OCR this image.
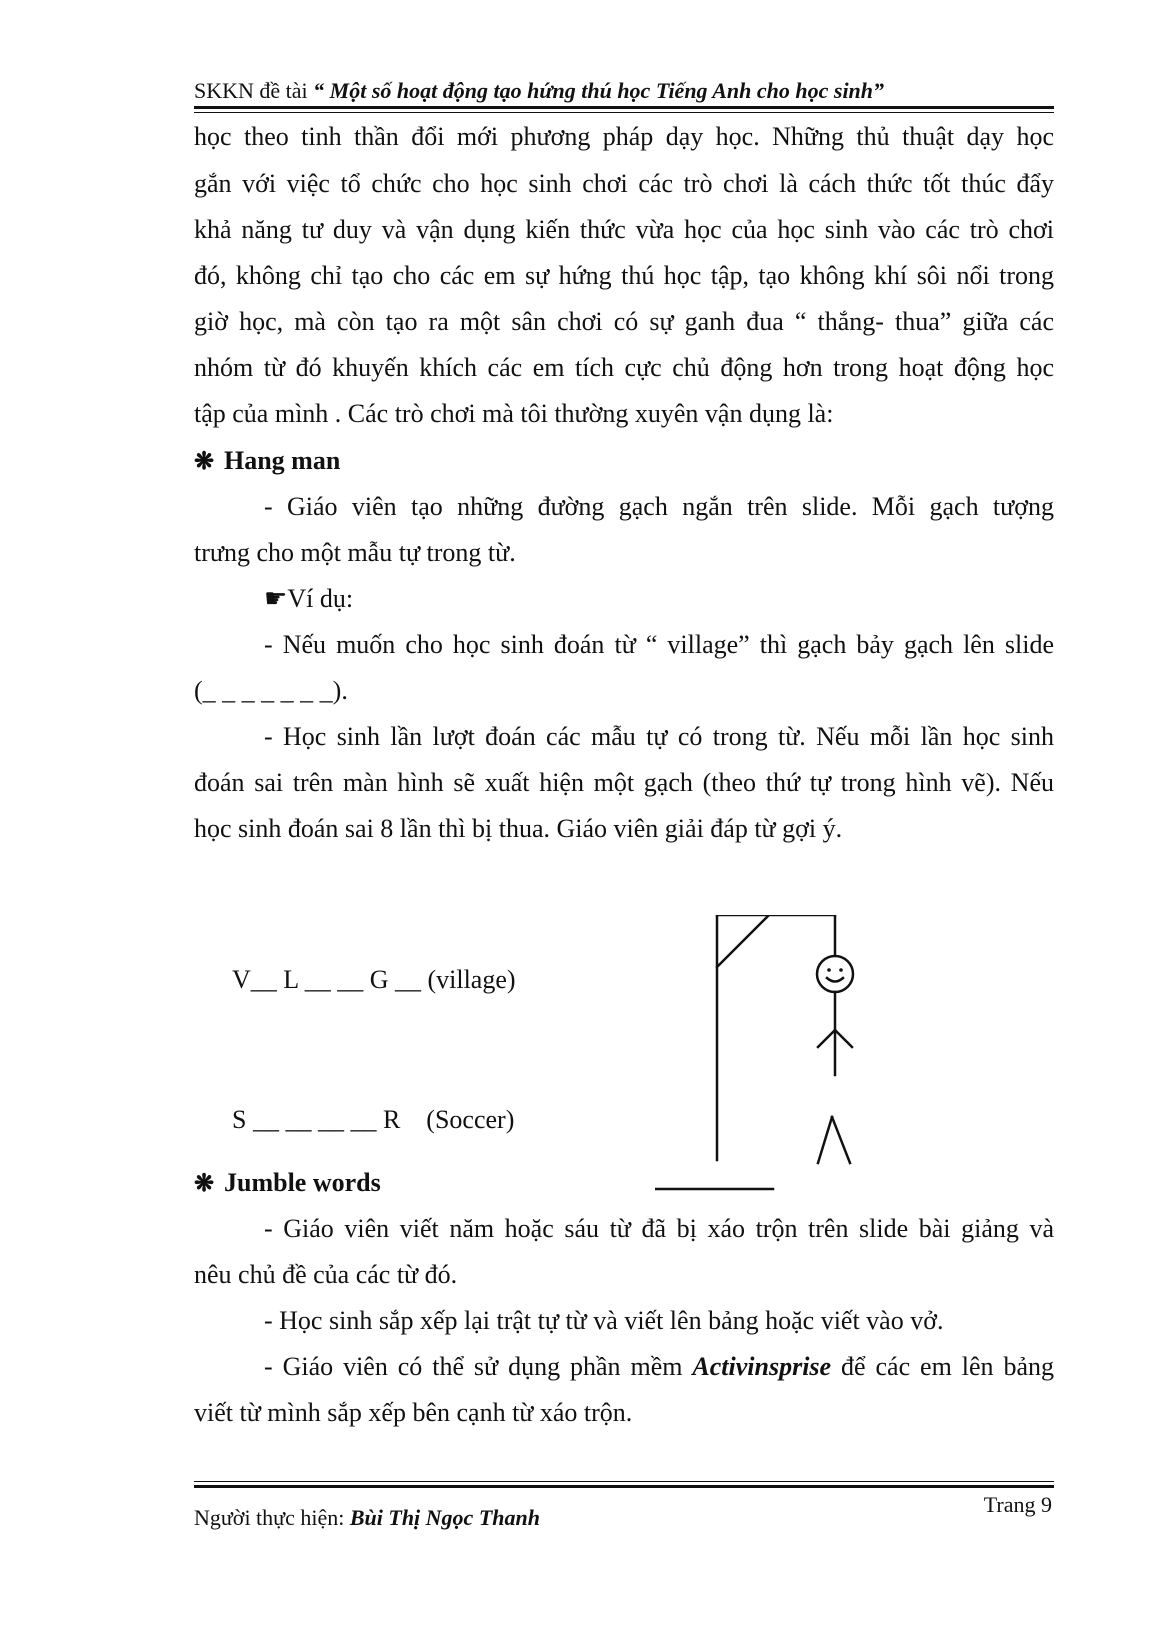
SKKN đề tài “ Một số hoạt động tạo hứng thú học Tiếng Anh cho học sinh”
học theo tinh thần đổi mới phương pháp dạy học. Những thủ thuật dạy học
gắn với việc tổ chức cho học sinh chơi các trò chơi là cách thức tốt thúc đẩy
khả năng tư duy và vận dụng kiến thức vừa học của học sinh vào các trò chơi
đó, không chỉ tạo cho các em sự hứng thú học tập, tạo không khí sôi nổi trong
giờ học, mà còn tạo ra một sân chơi có sự ganh đua “ thắng- thua” giữa các
nhóm từ đó khuyến khích các em tích cực chủ động hơn trong hoạt động học
tập của mình . Các trò chơi mà tôi thường xuyên vận dụng là:
❋ Hang man
- Giáo viên tạo những đường gạch ngắn trên slide. Mỗi gạch tượng
trưng cho một mẫu tự trong từ.
☛Ví dụ:
- Nếu muốn cho học sinh đoán từ “ village” thì gạch bảy gạch lên slide
(_ _ _ _ _ _ _).
- Học sinh lần lượt đoán các mẫu tự có trong từ. Nếu mỗi lần học sinh
đoán sai trên màn hình sẽ xuất hiện một gạch (theo thứ tự trong hình vẽ). Nếu
học sinh đoán sai 8 lần thì bị thua. Giáo viên giải đáp từ gợi ý.
V__ L __ __ G __ (village)
S __ __ __ __ R    (Soccer)
❋ Jumble words
- Giáo viên viết năm hoặc sáu từ đã bị xáo trộn trên slide bài giảng và
nêu chủ đề của các từ đó.
- Học sinh sắp xếp lại trật tự từ và viết lên bảng hoặc viết vào vở.
- Giáo viên có thể sử dụng phần mềm Activinsprise để các em lên bảng
viết từ mình sắp xếp bên cạnh từ xáo trộn.
Người thực hiện: Bùi Thị Ngọc Thanh
Trang 9
